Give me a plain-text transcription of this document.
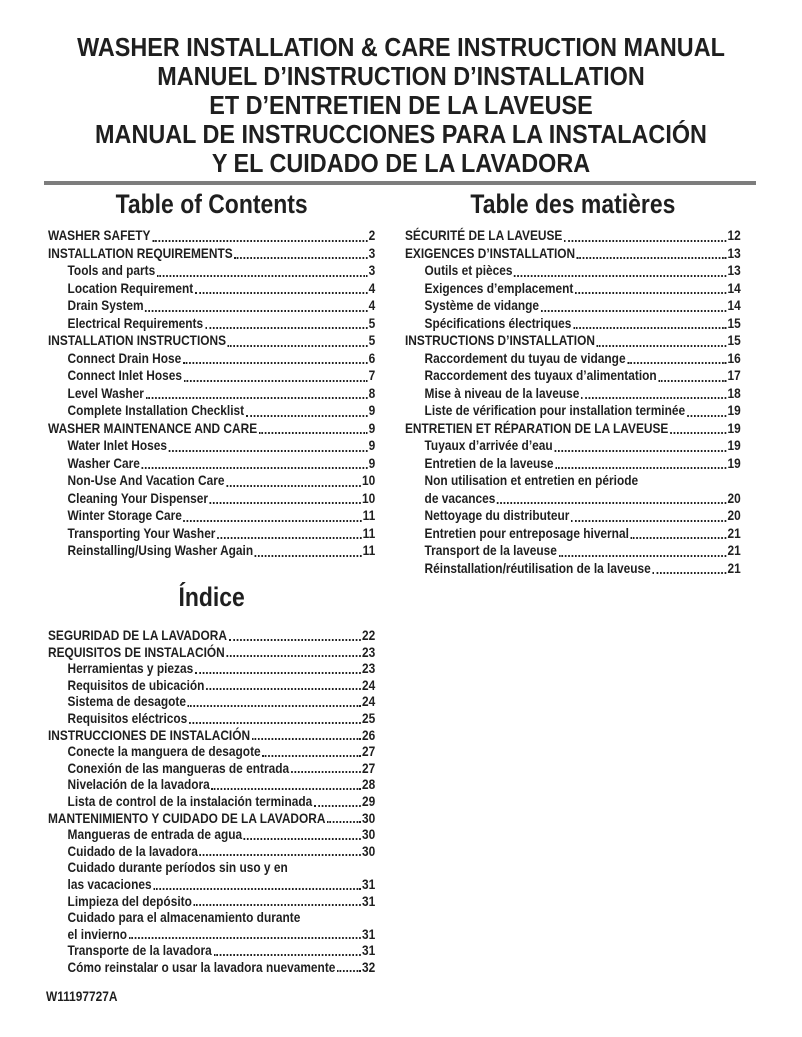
WASHER INSTALLATION & CARE INSTRUCTION MANUAL
MANUEL D’INSTRUCTION D’INSTALLATION
ET D’ENTRETIEN DE LA LAVEUSE
MANUAL DE INSTRUCCIONES PARA LA INSTALACIÓN
Y EL CUIDADO DE LA LAVADORA
Table of Contents
WASHER SAFETY	2
INSTALLATION REQUIREMENTS	3
Tools and parts	3
Location Requirement	4
Drain System	4
Electrical Requirements	5
INSTALLATION INSTRUCTIONS	5
Connect Drain Hose	6
Connect Inlet Hoses	7
Level Washer	8
Complete Installation Checklist	9
WASHER MAINTENANCE AND CARE	9
Water Inlet Hoses	9
Washer Care	9
Non-Use And Vacation Care	10
Cleaning Your Dispenser	10
Winter Storage Care	11
Transporting Your Washer	11
Reinstalling/Using Washer Again	11
Table des matières
SÉCURITÉ DE LA LAVEUSE	12
EXIGENCES D’INSTALLATION	13
Outils et pièces	13
Exigences d’emplacement	14
Système de vidange	14
Spécifications électriques	15
INSTRUCTIONS D’INSTALLATION	15
Raccordement du tuyau de vidange	16
Raccordement des tuyaux d’alimentation	17
Mise à niveau de la laveuse	18
Liste de vérification pour installation terminée	19
ENTRETIEN ET RÉPARATION DE LA LAVEUSE	19
Tuyaux d’arrivée d’eau	19
Entretien de la laveuse	19
Non utilisation et entretien en période
de vacances	20
Nettoyage du distributeur	20
Entretien pour entreposage hivernal	21
Transport de la laveuse	21
Réinstallation/réutilisation de la laveuse	21
Índice
SEGURIDAD DE LA LAVADORA	22
REQUISITOS DE INSTALACIÓN	23
Herramientas y piezas	23
Requisitos de ubicación	24
Sistema de desagote	24
Requisitos eléctricos	25
INSTRUCCIONES DE INSTALACIÓN	26
Conecte la manguera de desagote	27
Conexión de las mangueras de entrada	27
Nivelación de la lavadora	28
Lista de control de la instalación terminada	29
MANTENIMIENTO Y CUIDADO DE LA LAVADORA	30
Mangueras de entrada de agua	30
Cuidado de la lavadora	30
Cuidado durante períodos sin uso y en
las vacaciones	31
Limpieza del depósito	31
Cuidado para el almacenamiento durante
el invierno	31
Transporte de la lavadora	31
Cómo reinstalar o usar la lavadora nuevamente 32
W11197727A
